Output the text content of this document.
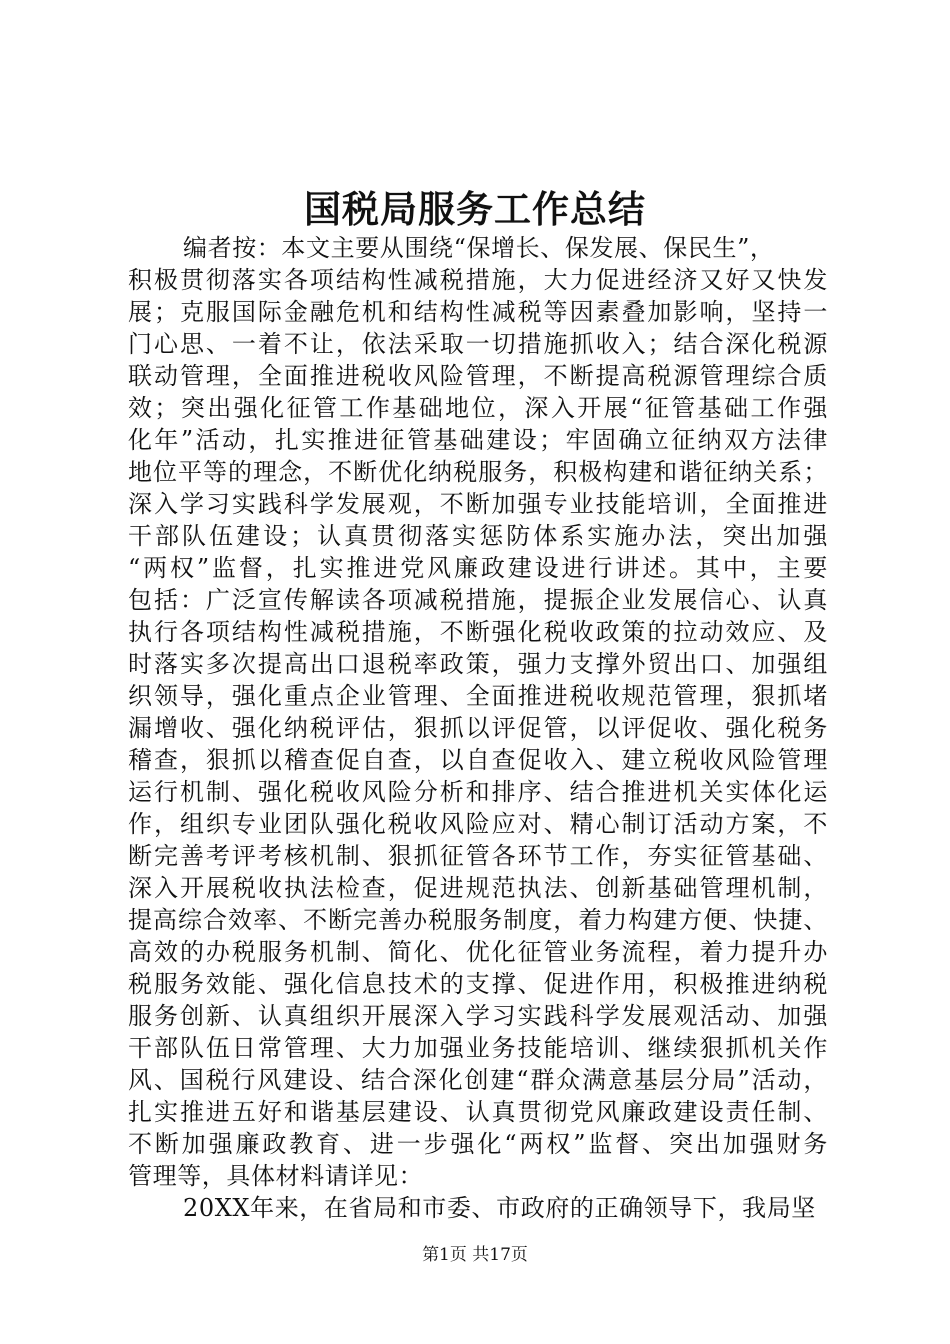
国税局服务工作总结
编者按：本文主要从围绕“保增长、保发展、保民生”，
积极贯彻落实各项结构性减税措施，大力促进经济又好又快发
展；克服国际金融危机和结构性减税等因素叠加影响，坚持一
门心思、一着不让，依法采取一切措施抓收入；结合深化税源
联动管理，全面推进税收风险管理，不断提高税源管理综合质
效；突出强化征管工作基础地位，深入开展“征管基础工作强
化年”活动，扎实推进征管基础建设；牢固确立征纳双方法律
地位平等的理念，不断优化纳税服务，积极构建和谐征纳关系；
深入学习实践科学发展观，不断加强专业技能培训，全面推进
干部队伍建设；认真贯彻落实惩防体系实施办法，突出加强
“两权”监督，扎实推进党风廉政建设进行讲述。其中，主要
包括：广泛宣传解读各项减税措施，提振企业发展信心、认真
执行各项结构性减税措施，不断强化税收政策的拉动效应、及
时落实多次提高出口退税率政策，强力支撑外贸出口、加强组
织领导，强化重点企业管理、全面推进税收规范管理，狠抓堵
漏增收、强化纳税评估，狠抓以评促管，以评促收、强化税务
稽查，狠抓以稽查促自查，以自查促收入、建立税收风险管理
运行机制、强化税收风险分析和排序、结合推进机关实体化运
作，组织专业团队强化税收风险应对、精心制订活动方案，不
断完善考评考核机制、狠抓征管各环节工作，夯实征管基础、
深入开展税收执法检查，促进规范执法、创新基础管理机制，
提高综合效率、不断完善办税服务制度，着力构建方便、快捷、
高效的办税服务机制、简化、优化征管业务流程，着力提升办
税服务效能、强化信息技术的支撑、促进作用，积极推进纳税
服务创新、认真组织开展深入学习实践科学发展观活动、加强
干部队伍日常管理、大力加强业务技能培训、继续狠抓机关作
风、国税行风建设、结合深化创建“群众满意基层分局”活动，
扎实推进五好和谐基层建设、认真贯彻党风廉政建设责任制、
不断加强廉政教育、进一步强化“两权”监督、突出加强财务
管理等，具体材料请详见：
20XX年来，在省局和市委、市政府的正确领导下，我局坚
第1页 共17页
